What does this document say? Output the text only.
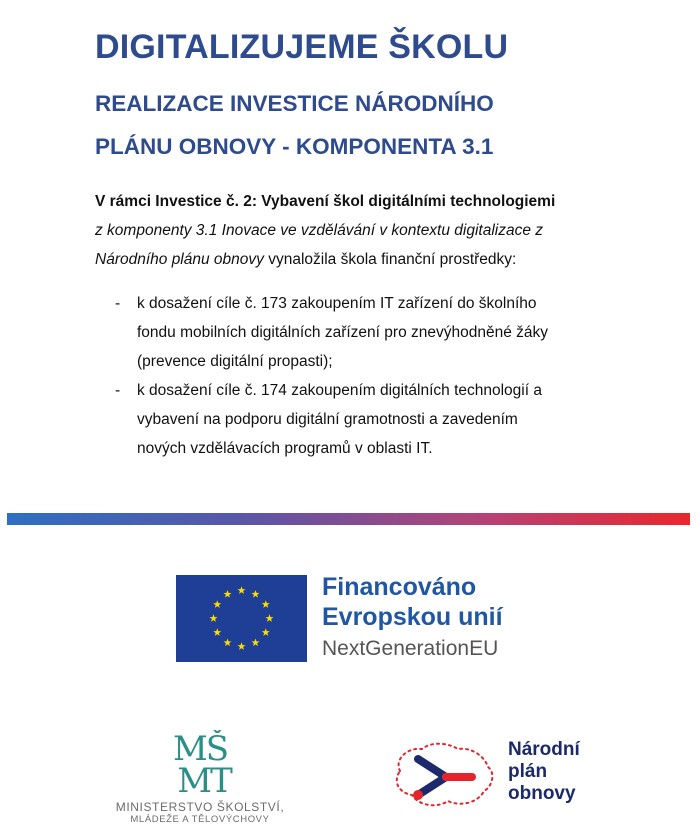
DIGITALIZUJEME ŠKOLU
REALIZACE INVESTICE NÁRODNÍHO
PLÁNU OBNOVY - KOMPONENTA 3.1
V rámci Investice č. 2: Vybavení škol digitálními technologiemi
z komponenty 3.1 Inovace ve vzdělávání v kontextu digitalizace z
Národního plánu obnovy vynaložila škola finanční prostředky:
- k dosažení cíle č. 173 zakoupením IT zařízení do školního
fondu mobilních digitálních zařízení pro znevýhodněné žáky
(prevence digitální propasti);
- k dosažení cíle č. 174 zakoupením digitálních technologií a
vybavení na podporu digitální gramotnosti a zavedením
nových vzdělávacích programů v oblasti IT.
Financováno
Evropskou unií
NextGenerationEU
MŠ
MT
MINISTERSTVO ŠKOLSTVÍ,
MLÁDEŽE A TĚLOVÝCHOVY
Národní
plán
obnovy
